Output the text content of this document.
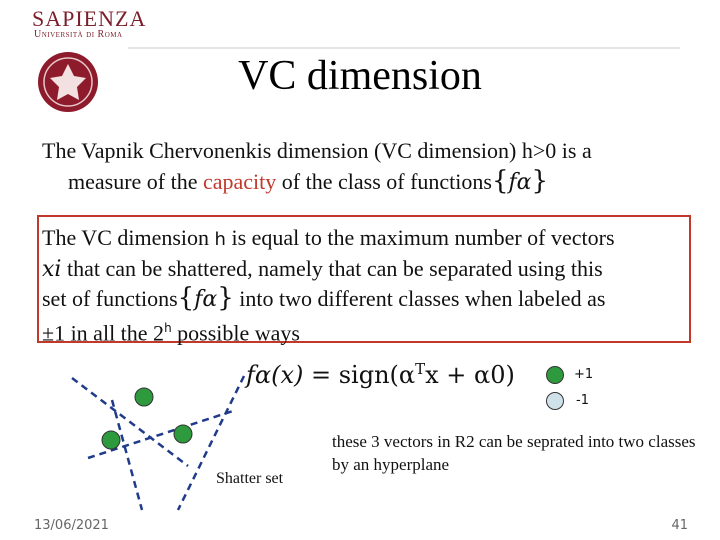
SAPIENZA
Università di Roma
VC dimension
The Vapnik Chervonenkis dimension (VC dimension) h>0 is a
measure of the capacity of the class of functions{fα}
The VC dimension h is equal to the maximum number of vectors
xi that can be shattered, namely that can be separated using this
set of functions{fα} into two different classes when labeled as
±1 in all the 2$^h$ possible ways
$f\alpha(x) = sign(\alpha^Tx + \alpha 0)$	+1
-1
Shatter set
these 3 vectors in R2 can be seprated into two classes by an hyperplane
13/06/2021	41
